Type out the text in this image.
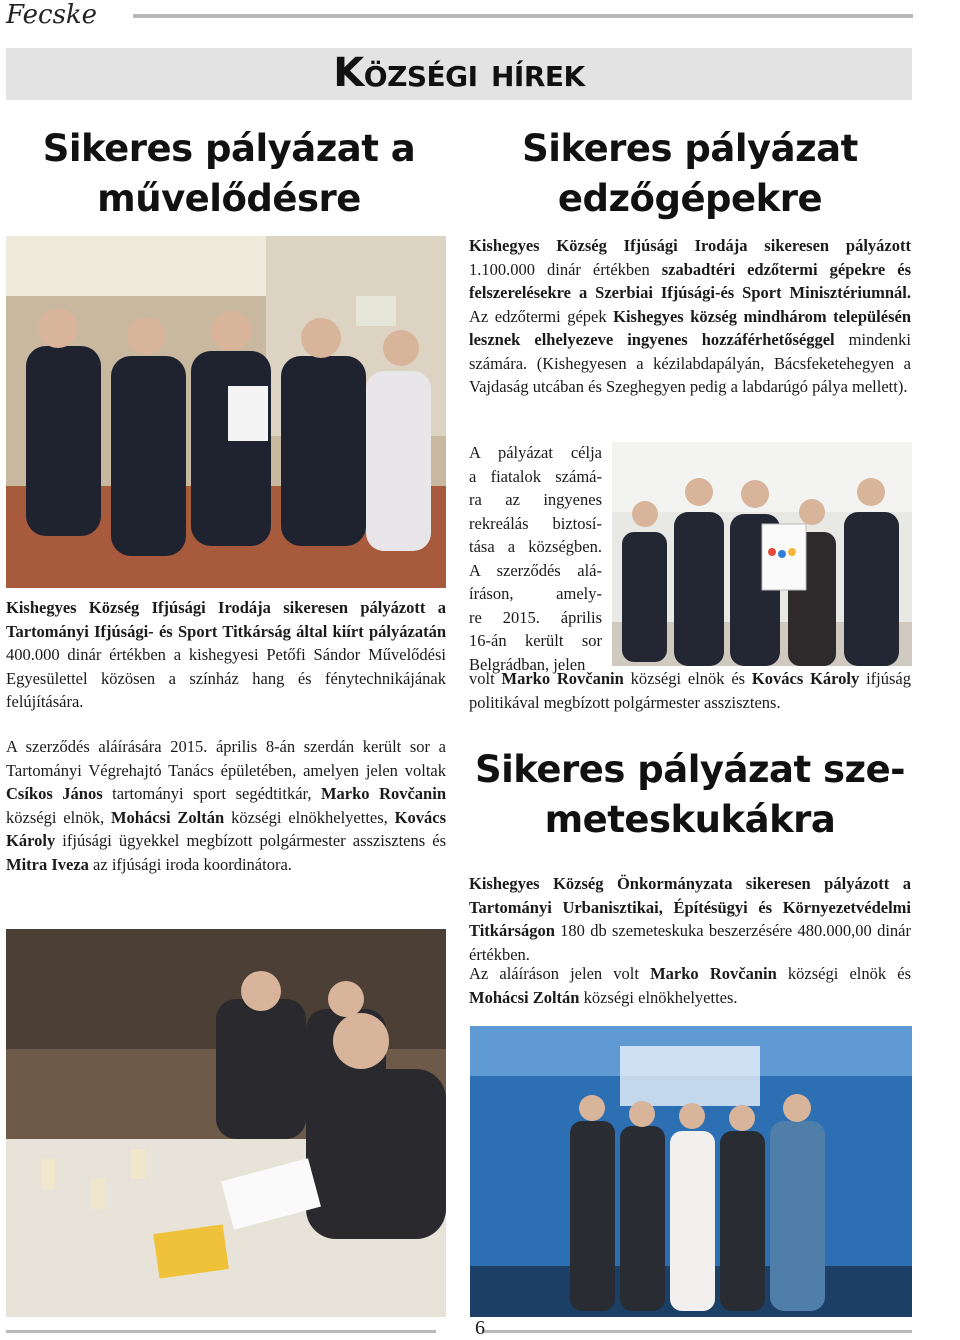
Fecske
Községi hírek
Sikeres pályázat a
művelődésre
Sikeres pályázat
edzőgépekre

Kishegyes Község Ifjúsági Irodája sikeresen pályázott 1.100.000 dinár értékben szabadtéri edzőtermi gépekre és felszerelésekre a Szerbiai Ifjúsági-és Sport Minisztériumnál. Az edzőtermi gépek Kishegyes község mindhárom településén lesznek elhelyezeve ingyenes hozzáférhetőséggel mindenki számára. (Kishegyesen a kézilabdapályán, Bácsfeketehegyen a Vajdaság utcában és Szeghegyen pedig a labdarúgó pálya mellett).

A pályázat célja
a fiatalok számá-
ra az ingyenes
rekreálás biztosí-
tása a községben.
A szerződés alá-
íráson, amely-
re 2015. április
16-án került sor
Belgrádban, jelen

volt Marko Rovčanin községi elnök és Kovács Károly ifjúság politikával megbízott polgármester asszisztens.

Kishegyes Község Ifjúsági Irodája sikeresen pályázott a Tartományi Ifjúsági- és Sport Titkárság által kiírt pályázatán 400.000 dinár értékben a kishegyesi Petőfi Sándor Művelődési Egyesülettel közösen a színház hang és fénytechnikájának felújítására.

A szerződés aláírására 2015. április 8-án szerdán került sor a Tartományi Végrehajtó Tanács épületében, amelyen jelen voltak Csíkos János tartományi sport segédtitkár, Marko Rovčanin községi elnök, Mohácsi Zoltán községi elnökhelyettes, Kovács Károly ifjúsági ügyekkel megbízott polgármester asszisztens és Mitra Iveza az ifjúsági iroda koordinátora.

Sikeres pályázat sze-
meteskukákra

Kishegyes Község Önkormányzata sikeresen pályázott a Tartományi Urbanisztikai, Építésügyi és Környezetvédelmi Titkárságon 180 db szemeteskuka beszerzésére 480.000,00 dinár értékben.

Az aláíráson jelen volt Marko Rovčanin községi elnök és Mohácsi Zoltán községi elnökhelyettes.

6
